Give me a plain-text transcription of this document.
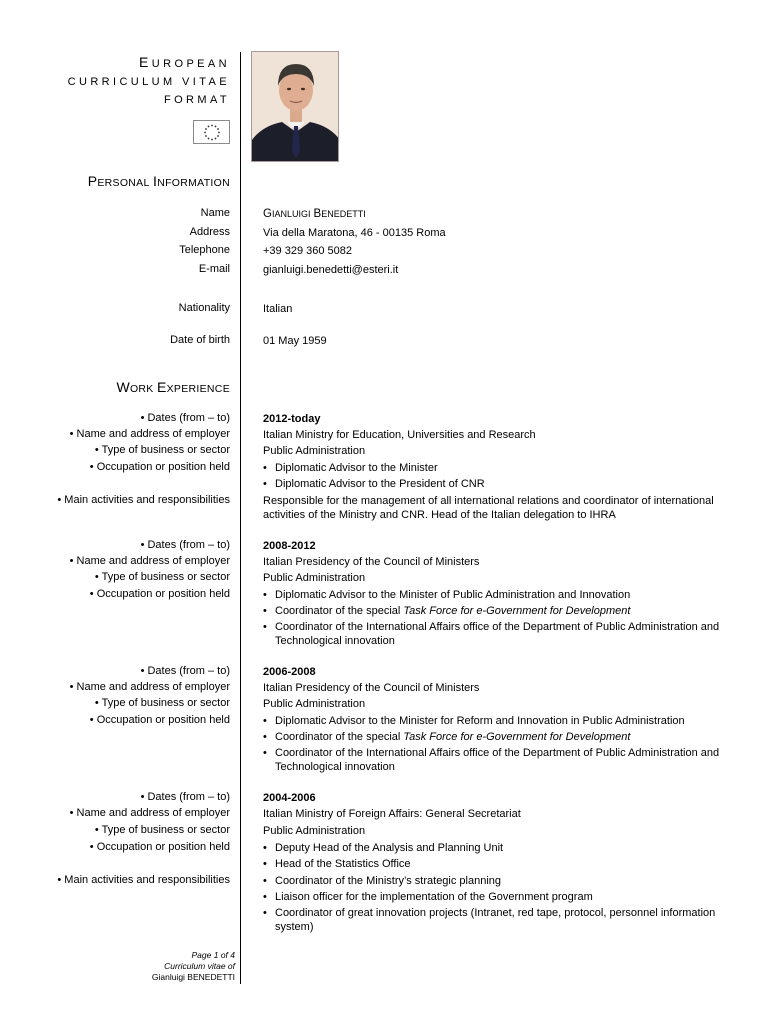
EUROPEAN
CURRICULUM VITAE
FORMAT
PERSONAL INFORMATION
Name	GIANLUIGI BENEDETTI
Address	Via della Maratona, 46 - 00135 Roma
Telephone	+39 329 360 5082
E-mail	gianluigi.benedetti@esteri.it
Nationality	Italian
Date of birth	01 May 1959
WORK EXPERIENCE
• Dates (from – to)	2012-today
• Name and address of employer	Italian Ministry for Education, Universities and Research
• Type of business or sector	Public Administration
• Occupation or position held	• Diplomatic Advisor to the Minister
• Diplomatic Advisor to the President of CNR
• Main activities and responsibilities	Responsible for the management of all international relations and coordinator of international activities of the Ministry and CNR. Head of the Italian delegation to IHRA
• Dates (from – to)	2008-2012
• Name and address of employer	Italian Presidency of the Council of Ministers
• Type of business or sector	Public Administration
• Occupation or position held	• Diplomatic Advisor to the Minister of Public Administration and Innovation
• Coordinator of the special Task Force for e-Government for Development
• Coordinator of the International Affairs office of the Department of Public Administration and Technological innovation
• Dates (from – to)	2006-2008
• Name and address of employer	Italian Presidency of the Council of Ministers
• Type of business or sector	Public Administration
• Occupation or position held	• Diplomatic Advisor to the Minister for Reform and Innovation in Public Administration
• Coordinator of the special Task Force for e-Government for Development
• Coordinator of the International Affairs office of the Department of Public Administration and Technological innovation
• Dates (from – to)	2004-2006
• Name and address of employer	Italian Ministry of Foreign Affairs: General Secretariat
• Type of business or sector	Public Administration
• Occupation or position held	• Deputy Head of the Analysis and Planning Unit
• Head of the Statistics Office
• Main activities and responsibilities	• Coordinator of the Ministry’s strategic planning
• Liaison officer for the implementation of the Government program
• Coordinator of great innovation projects (Intranet, red tape, protocol, personnel information system)
Page 1 of 4
Curriculum vitae of
Gianluigi BENEDETTI
